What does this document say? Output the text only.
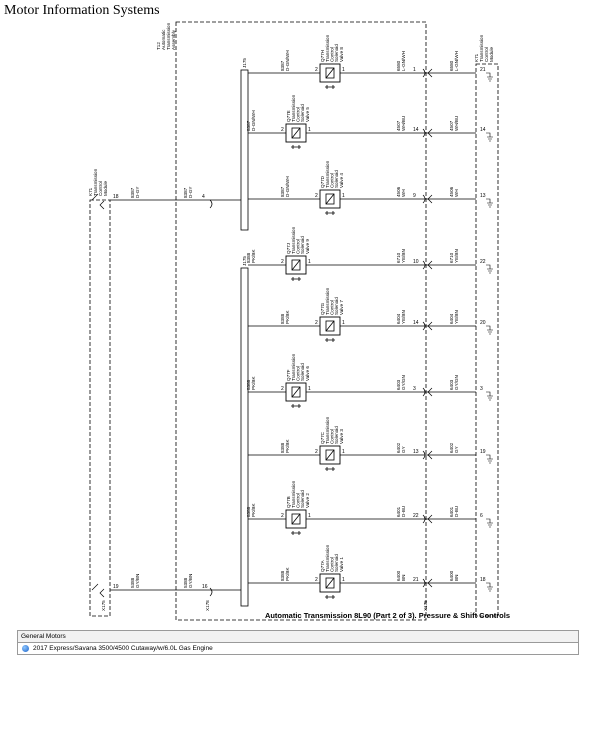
Motor Information Systems
K71 Transmission Control Module
K71 Transmission Control Module
T12 Automatic Transmission Assembly
X175	X178	X175
J175
J175
18 8387 D-GY	4
8387 D-GY
19 5388 GY/BN	16
5388 GY/BN
2	1
Q77H Transmission Control Solenoid Valve 8
8387 D-GN/WH	6580 L-GN/WH 1	6580 L-GN/WH	21
2	1
Q77E Transmission Control Solenoid Valve 5
8387 D-GN/WH	4507 WH/BU 14	4507 WH/BU	14
2	1
Q77D Transmission Control Solenoid Valve 4
8387 D-GN/WH	4506 WH 9	4506 WH	13
2	1
Q77J Transmission Control Solenoid Valve 9
8388 PK/BK	6710 YE/BN 10	6710 YE/BN	22
2	1
Q77G Transmission Control Solenoid Valve 7
8388 PK/BK	6404 YE/BN 14	6404 YE/BN	20
2	1
Q77F Transmission Control Solenoid Valve 6
8388 PK/BK	6403 GY/GN 3	6403 GY/GN	3
2	1
Q77C Transmission Control Solenoid Valve 3
8388 PK/BK	6402 GY 13	6402 GY	19
2	1
Q77B Transmission Control Solenoid Valve 2
8388 PK/BK	6401 D-BU 22	6401 D-BU	6
2	1
Q77A Transmission Control Solenoid Valve 1
8388 PK/BK	6400 BN 21	6400 BN	18
Automatic Transmission 8L90 (Part 2 of 3). Pressure & Shift Controls
General Motors
2017 Express/Savana 3500/4500 Cutaway/w/6.0L Gas Engine
